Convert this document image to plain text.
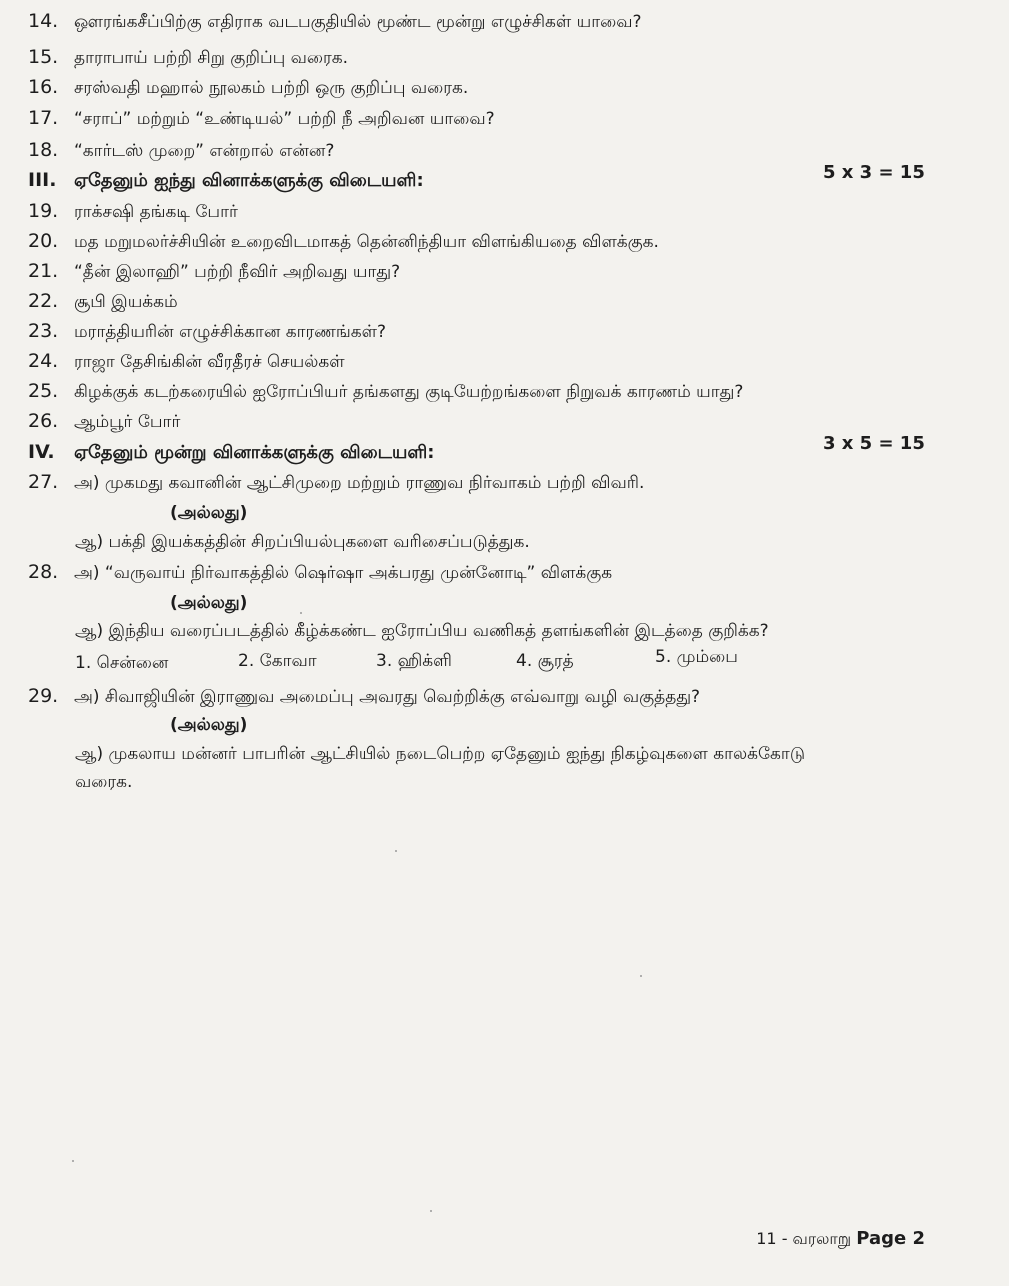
14. ஔரங்கசீப்பிற்கு எதிராக வடபகுதியில் மூண்ட மூன்று எழுச்சிகள் யாவை?
15. தாராபாய் பற்றி சிறு குறிப்பு வரைக.
16. சரஸ்வதி மஹால் நூலகம் பற்றி ஒரு குறிப்பு வரைக.
17. “சராப்” மற்றும் “உண்டியல்” பற்றி நீ அறிவன யாவை?
18. “கார்டஸ் முறை” என்றால் என்ன?
III. ஏதேனும் ஐந்து வினாக்களுக்கு விடையளி:	5 x 3 = 15
19. ராக்சஷி தங்கடி போர்
20. மத மறுமலர்ச்சியின் உறைவிடமாகத் தென்னிந்தியா விளங்கியதை விளக்குக.
21. “தீன் இலாஹி” பற்றி நீவிர் அறிவது யாது?
22. சூபி இயக்கம்
23. மராத்தியரின் எழுச்சிக்கான காரணங்கள்?
24. ராஜா தேசிங்கின் வீரதீரச் செயல்கள்
25. கிழக்குக் கடற்கரையில் ஐரோப்பியர் தங்களது குடியேற்றங்களை நிறுவக் காரணம் யாது?
26. ஆம்பூர் போர்
IV. ஏதேனும் மூன்று வினாக்களுக்கு விடையளி:	3 x 5 = 15
27. அ) முகமது கவானின் ஆட்சிமுறை மற்றும் ராணுவ நிர்வாகம் பற்றி விவரி.
(அல்லது)
ஆ) பக்தி இயக்கத்தின் சிறப்பியல்புகளை வரிசைப்படுத்துக.
28. அ) “வருவாய் நிர்வாகத்தில் ஷெர்ஷா அக்பரது முன்னோடி” விளக்குக
(அல்லது)
ஆ) இந்திய வரைப்படத்தில் கீழ்க்கண்ட ஐரோப்பிய வணிகத் தளங்களின் இடத்தை குறிக்க?
1. சென்னை	2. கோவா	3. ஹிக்ளி	4. சூரத்	5. மும்பை
29. அ) சிவாஜியின் இராணுவ அமைப்பு அவரது வெற்றிக்கு எவ்வாறு வழி வகுத்தது?
(அல்லது)
ஆ) முகலாய மன்னர் பாபரின் ஆட்சியில் நடைபெற்ற ஏதேனும் ஐந்து நிகழ்வுகளை காலக்கோடு
வரைக.
11 - வரலாறு Page 2
